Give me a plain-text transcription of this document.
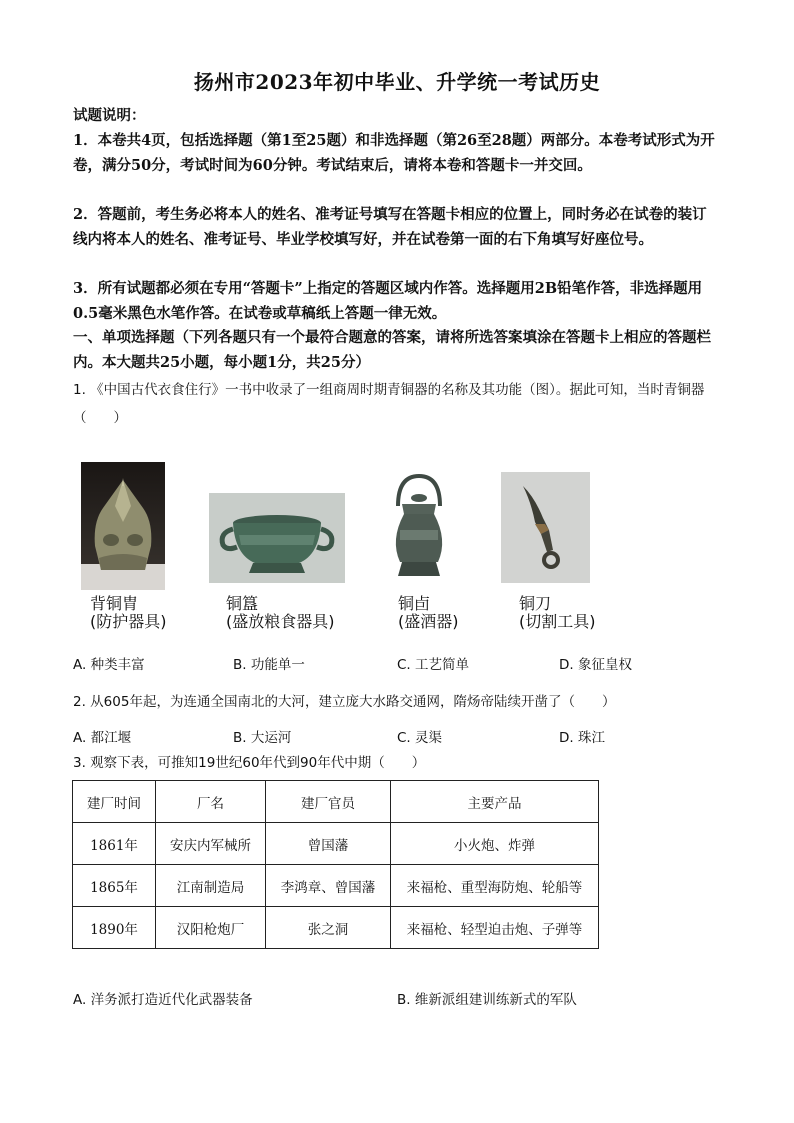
扬州市2023年初中毕业、升学统一考试历史
试题说明：
1．本卷共4页，包括选择题（第1至25题）和非选择题（第26至28题）两部分。本卷考试形式为开卷，满分50分，考试时间为60分钟。考试结束后，请将本卷和答题卡一并交回。
2．答题前，考生务必将本人的姓名、准考证号填写在答题卡相应的位置上，同时务必在试卷的装订线内将本人的姓名、准考证号、毕业学校填写好，并在试卷第一面的右下角填写好座位号。
3．所有试题都必须在专用“答题卡”上指定的答题区域内作答。选择题用2B铅笔作答，非选择题用0.5毫米黑色水笔作答。在试卷或草稿纸上答题一律无效。
一、单项选择题（下列各题只有一个最符合题意的答案，请将所选答案填涂在答题卡上相应的答题栏内。本大题共25小题，每小题1分，共25分）
1. 《中国古代衣食住行》一书中收录了一组商周时期青铜器的名称及其功能（图）。据此可知，当时青铜器（　　）
背铜胄
(防护器具)
铜簋
(盛放粮食器具)
铜卣
(盛酒器)
铜刀
(切割工具)
A. 种类丰富	B. 功能单一	C. 工艺简单	D. 象征皇权
2. 从605年起，为连通全国南北的大河，建立庞大水路交通网，隋炀帝陆续开凿了（　　）
A. 都江堰	B. 大运河	C. 灵渠	D. 珠江
3. 观察下表，可推知19世纪60年代到90年代中期（　　）
建厂时间	厂名	建厂官员	主要产品
1861年	安庆内军械所	曾国藩	小火炮、炸弹
1865年	江南制造局	李鸿章、曾国藩	来福枪、重型海防炮、轮船等
1890年	汉阳枪炮厂	张之洞	来福枪、轻型迫击炮、子弹等
A. 洋务派打造近代化武器装备	B. 维新派组建训练新式的军队
